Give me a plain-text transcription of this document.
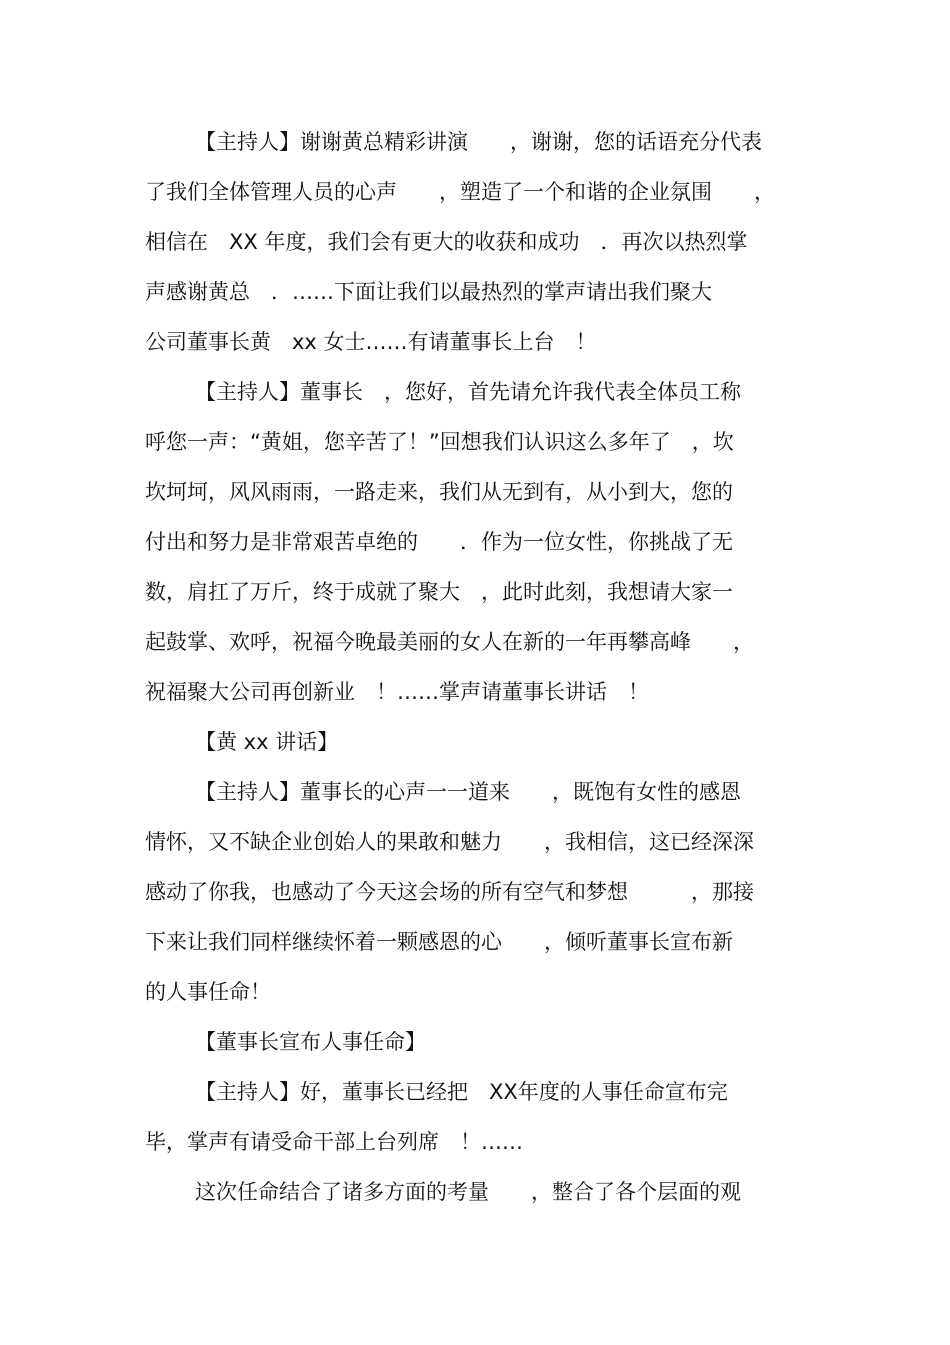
【主持人】谢谢黄总精彩讲演　　，谢谢，您的话语充分代表
了我们全体管理人员的心声　　，塑造了一个和谐的企业氛围　　，
相信在　XX 年度，我们会有更大的收获和成功　．再次以热烈掌
声感谢黄总　．……下面让我们以最热烈的掌声请出我们聚大
公司董事长黄　xx 女士……有请董事长上台　！
【主持人】董事长　，您好，首先请允许我代表全体员工称
呼您一声：“黄姐，您辛苦了！”回想我们认识这么多年了　，坎
坎坷坷，风风雨雨，一路走来，我们从无到有，从小到大，您的
付出和努力是非常艰苦卓绝的　　．作为一位女性，你挑战了无
数，肩扛了万斤，终于成就了聚大　，此时此刻，我想请大家一
起鼓掌、欢呼，祝福今晚最美丽的女人在新的一年再攀高峰　　，
祝福聚大公司再创新业　！……掌声请董事长讲话　！
【黄 xx 讲话】
【主持人】董事长的心声一一道来　　，既饱有女性的感恩
情怀，又不缺企业创始人的果敢和魅力　　，我相信，这已经深深
感动了你我，也感动了今天这会场的所有空气和梦想　　　，那接
下来让我们同样继续怀着一颗感恩的心　　，倾听董事长宣布新
的人事任命！
【董事长宣布人事任命】
【主持人】好，董事长已经把　XX年度的人事任命宣布完
毕，掌声有请受命干部上台列席　！……
这次任命结合了诸多方面的考量　　，整合了各个层面的观
